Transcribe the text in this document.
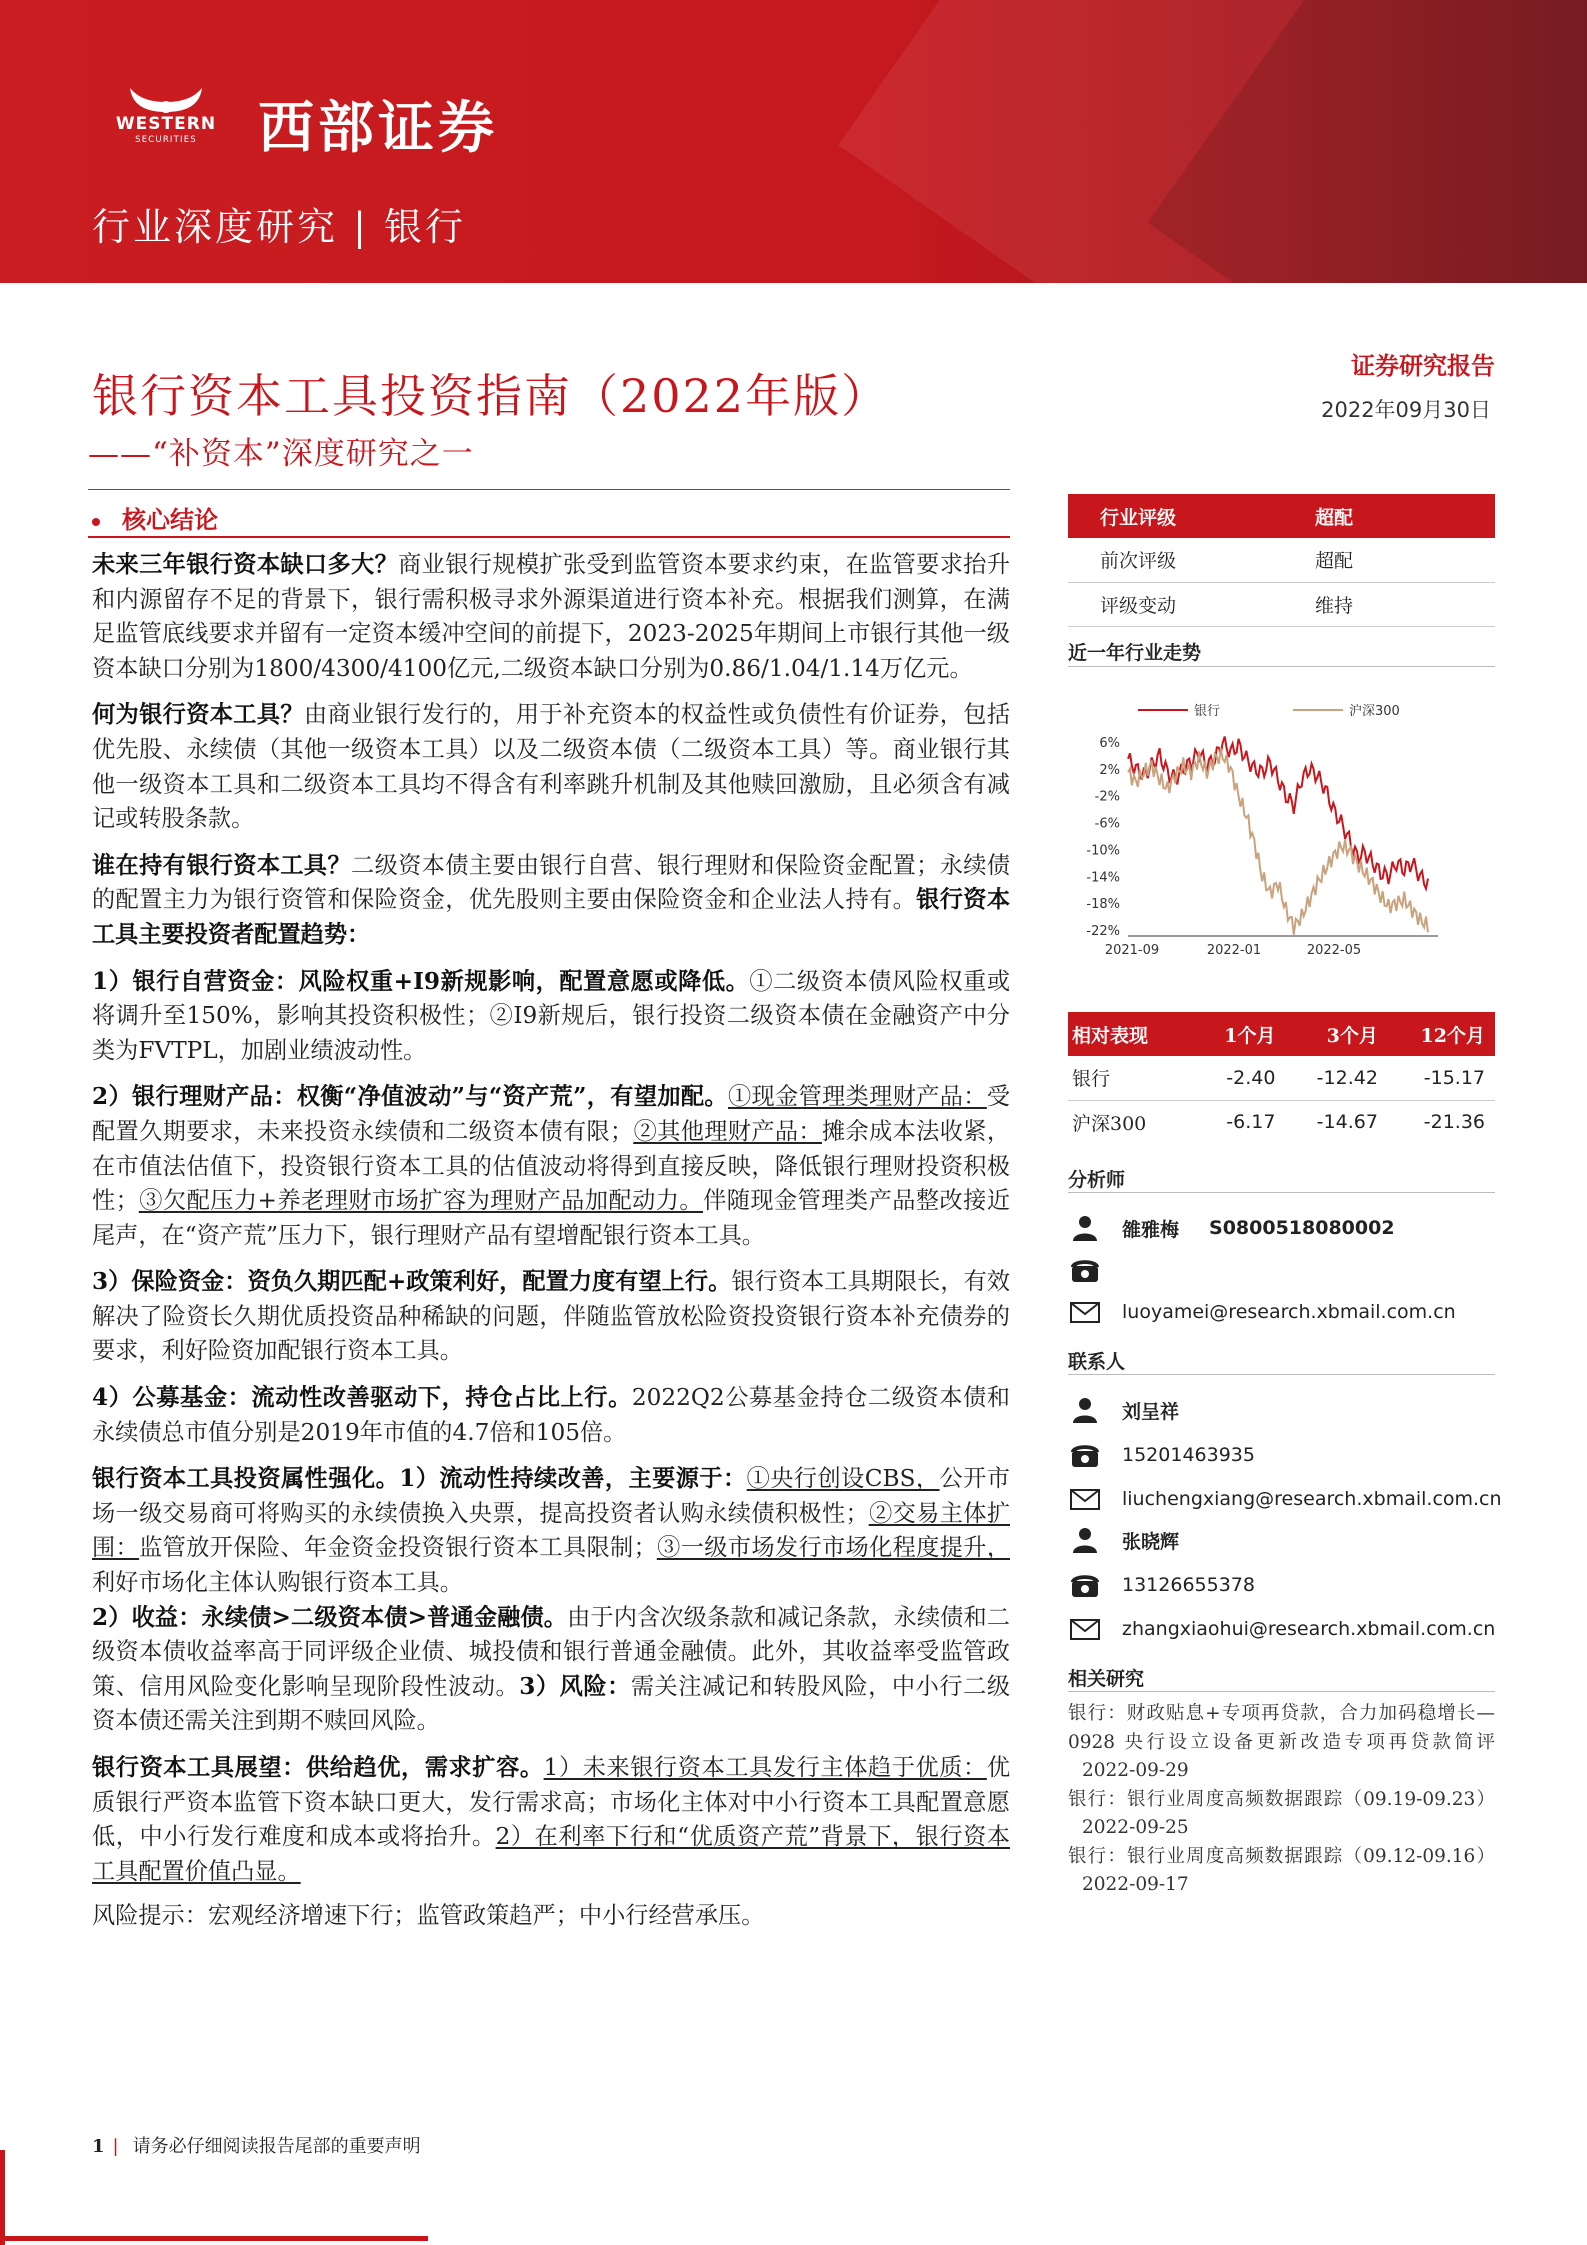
WESTERN
SECURITIES 西部证券
行业深度研究 | 银行
银行资本工具投资指南（2022年版）
——“补资本”深度研究之一
证券研究报告
2022年09月30日
核心结论

未来三年银行资本缺口多大？商业银行规模扩张受到监管资本要求约束，在监管要求抬升和内源留存不足的背景下，银行需积极寻求外源渠道进行资本补充。根据我们测算，在满足监管底线要求并留有一定资本缓冲空间的前提下，2023-2025年期间上市银行其他一级资本缺口分别为1800/4300/4100亿元,二级资本缺口分别为0.86/1.04/1.14万亿元。

何为银行资本工具？由商业银行发行的，用于补充资本的权益性或负债性有价证券，包括优先股、永续债（其他一级资本工具）以及二级资本债（二级资本工具）等。商业银行其他一级资本工具和二级资本工具均不得含有利率跳升机制及其他赎回激励，且必须含有减记或转股条款。

谁在持有银行资本工具？二级资本债主要由银行自营、银行理财和保险资金配置；永续债的配置主力为银行资管和保险资金，优先股则主要由保险资金和企业法人持有。银行资本工具主要投资者配置趋势：

1）银行自营资金：风险权重+I9新规影响，配置意愿或降低。①二级资本债风险权重或将调升至150%，影响其投资积极性；②I9新规后，银行投资二级资本债在金融资产中分类为FVTPL，加剧业绩波动性。

2）银行理财产品：权衡“净值波动”与“资产荒”，有望加配。①现金管理类理财产品：受配置久期要求，未来投资永续债和二级资本债有限；②其他理财产品：摊余成本法收紧，在市值法估值下，投资银行资本工具的估值波动将得到直接反映，降低银行理财投资积极性；③欠配压力+养老理财市场扩容为理财产品加配动力。伴随现金管理类产品整改接近尾声，在“资产荒”压力下，银行理财产品有望增配银行资本工具。

3）保险资金：资负久期匹配+政策利好，配置力度有望上行。银行资本工具期限长，有效解决了险资长久期优质投资品种稀缺的问题，伴随监管放松险资投资银行资本补充债券的要求，利好险资加配银行资本工具。

4）公募基金：流动性改善驱动下，持仓占比上行。2022Q2公募基金持仓二级资本债和永续债总市值分别是2019年市值的4.7倍和105倍。

银行资本工具投资属性强化。1）流动性持续改善，主要源于：①央行创设CBS，公开市场一级交易商可将购买的永续债换入央票，提高投资者认购永续债积极性；②交易主体扩围：监管放开保险、年金资金投资银行资本工具限制；③一级市场发行市场化程度提升，利好市场化主体认购银行资本工具。
2）收益：永续债>二级资本债>普通金融债。由于内含次级条款和减记条款，永续债和二级资本债收益率高于同评级企业债、城投债和银行普通金融债。此外，其收益率受监管政策、信用风险变化影响呈现阶段性波动。3）风险：需关注减记和转股风险，中小行二级资本债还需关注到期不赎回风险。

银行资本工具展望：供给趋优，需求扩容。1）未来银行资本工具发行主体趋于优质：优质银行严资本监管下资本缺口更大，发行需求高；市场化主体对中小行资本工具配置意愿低，中小行发行难度和成本或将抬升。2）在利率下行和“优质资产荒”背景下，银行资本工具配置价值凸显。

风险提示：宏观经济增速下行；监管政策趋严；中小行经营承压。

行业评级	超配
前次评级	超配
评级变动	维持
近一年行业走势
银行	沪深300
6%
2%
-2%
-6%
-10%
-14%
-18%
-22%
2021-09	2022-01	2022-05
相对表现	1个月	3个月	12个月
银行	-2.40	-12.42	-15.17
沪深300	-6.17	-14.67	-21.36
分析师
雒雅梅 S0800518080002
luoyamei@research.xbmail.com.cn
联系人
刘呈祥
15201463935
liuchengxiang@research.xbmail.com.cn
张晓辉
13126655378
zhangxiaohui@research.xbmail.com.cn
相关研究
银行：财政贴息+专项再贷款，合力加码稳增长—0928 央行设立设备更新改造专项再贷款简评2022-09-29
银行：银行业周度高频数据跟踪（09.19-09.23）2022-09-25
银行：银行业周度高频数据跟踪（09.12-09.16）2022-09-17
1 | 请务必仔细阅读报告尾部的重要声明
